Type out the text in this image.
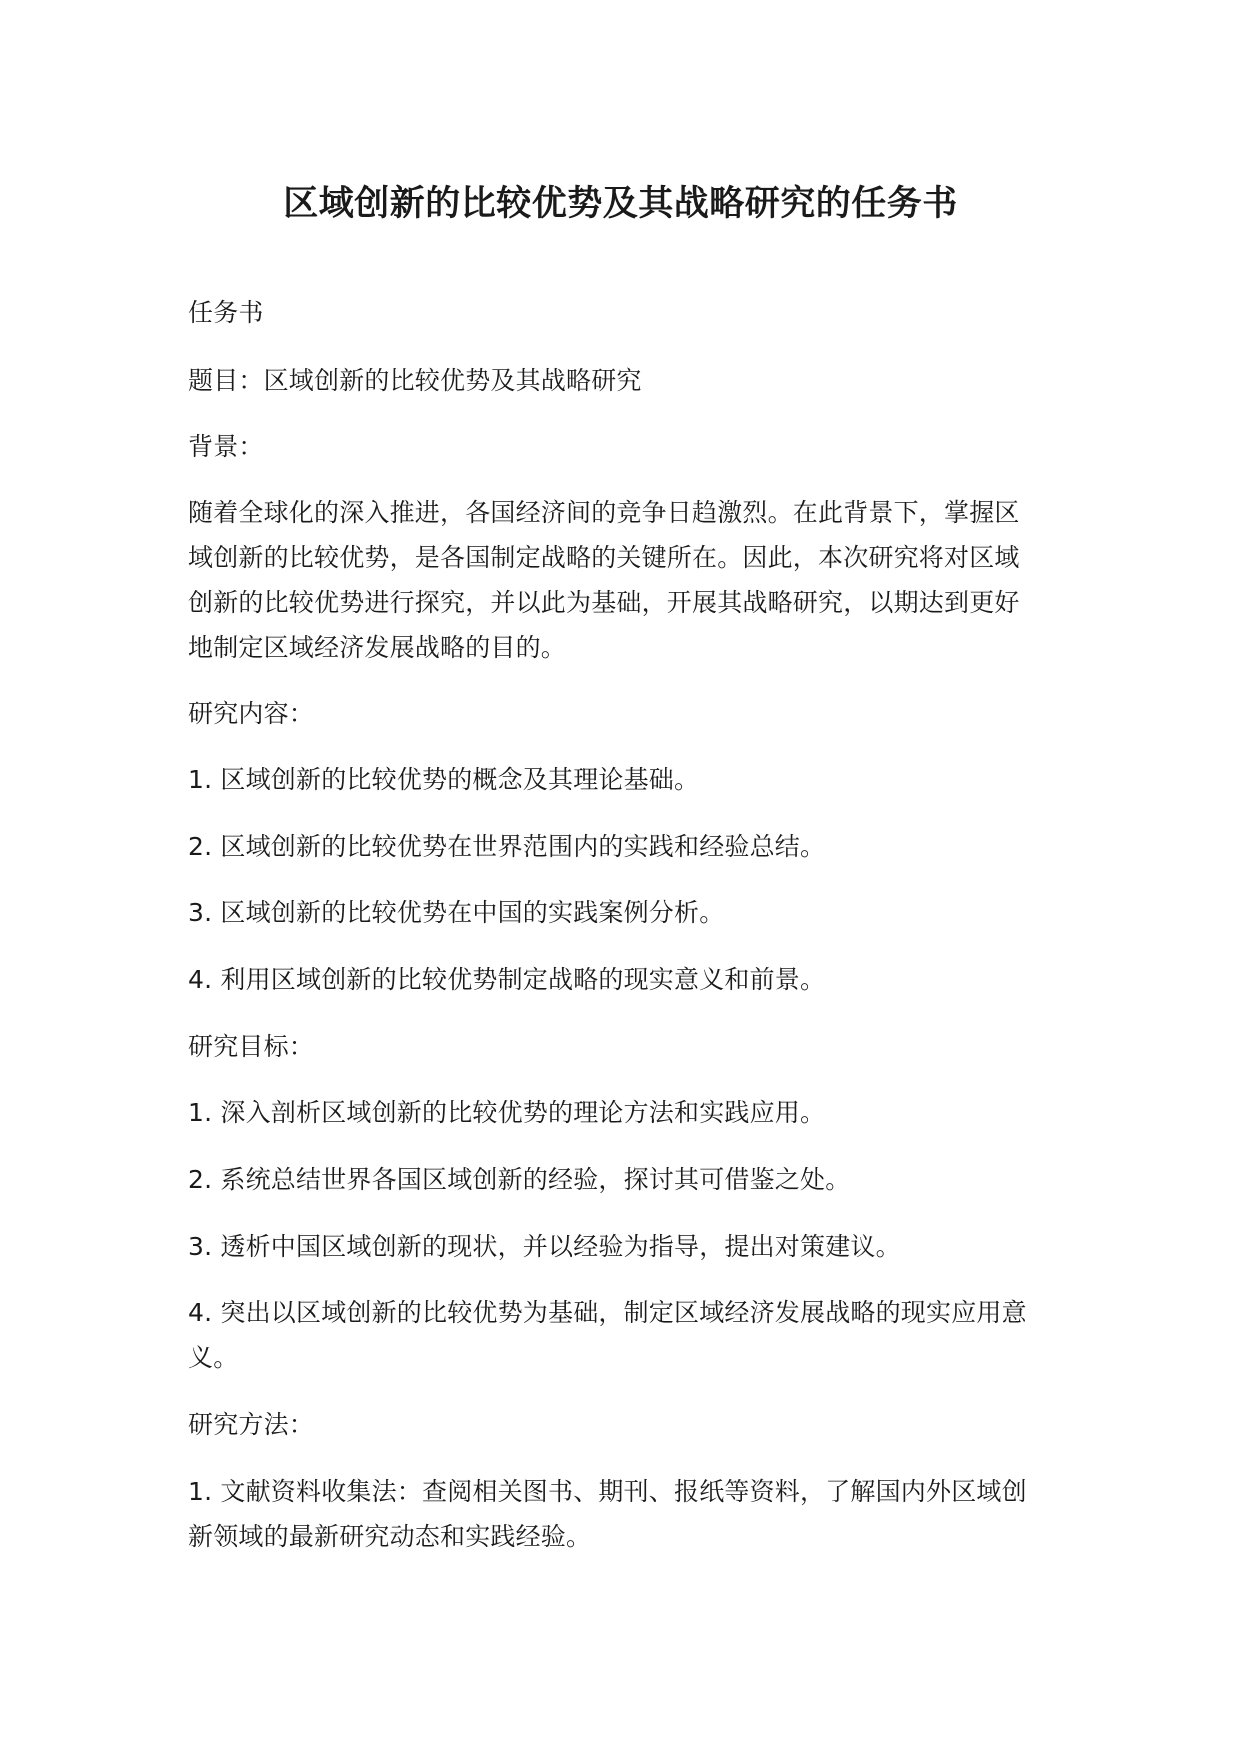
区域创新的比较优势及其战略研究的任务书

任务书

题目：区域创新的比较优势及其战略研究

背景：

随着全球化的深入推进，各国经济间的竞争日趋激烈。在此背景下，掌握区域创新的比较优势，是各国制定战略的关键所在。因此，本次研究将对区域创新的比较优势进行探究，并以此为基础，开展其战略研究，以期达到更好地制定区域经济发展战略的目的。

研究内容：

1. 区域创新的比较优势的概念及其理论基础。

2. 区域创新的比较优势在世界范围内的实践和经验总结。

3. 区域创新的比较优势在中国的实践案例分析。

4. 利用区域创新的比较优势制定战略的现实意义和前景。

研究目标：

1. 深入剖析区域创新的比较优势的理论方法和实践应用。

2. 系统总结世界各国区域创新的经验，探讨其可借鉴之处。

3. 透析中国区域创新的现状，并以经验为指导，提出对策建议。

4. 突出以区域创新的比较优势为基础，制定区域经济发展战略的现实应用意义。

研究方法：

1. 文献资料收集法：查阅相关图书、期刊、报纸等资料，了解国内外区域创新领域的最新研究动态和实践经验。
